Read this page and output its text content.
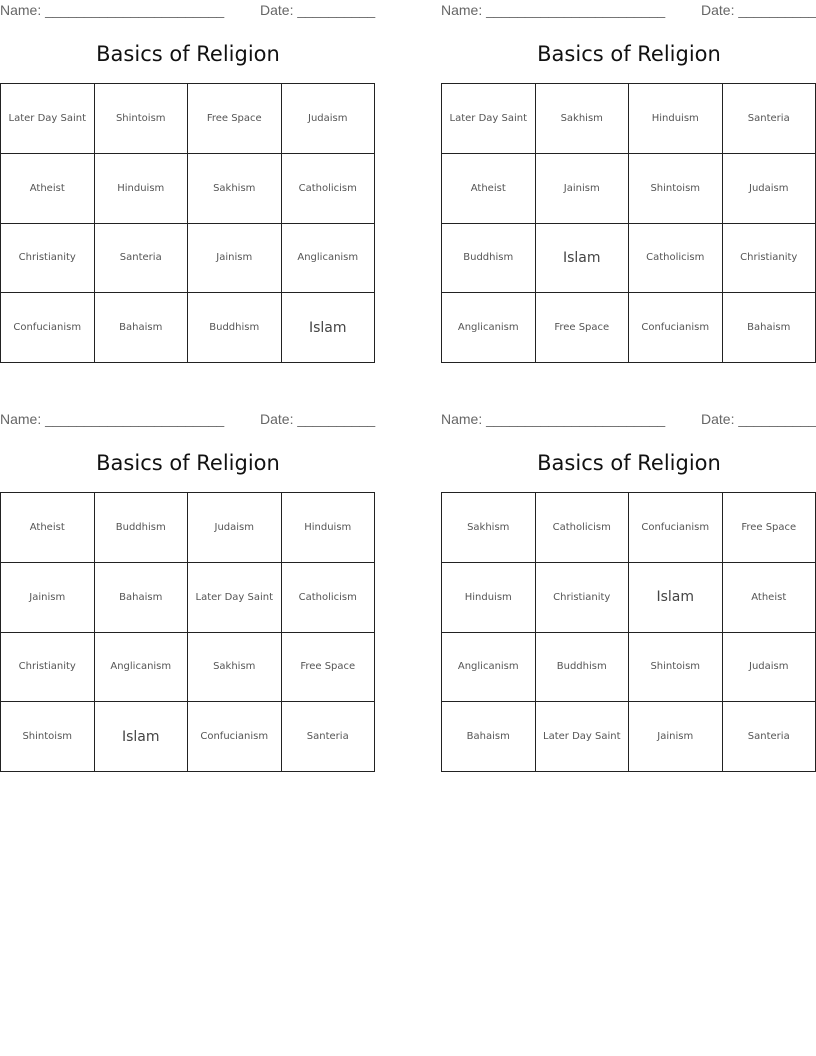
Name: _______________________	Date: __________
Basics of Religion
Later Day Saint	Shintoism	Free Space	Judaism
Atheist	Hinduism	Sakhism	Catholicism
Christianity	Santeria	Jainism	Anglicanism
Confucianism	Bahaism	Buddhism	Islam
Name: _______________________	Date: __________
Basics of Religion
Later Day Saint	Sakhism	Hinduism	Santeria
Atheist	Jainism	Shintoism	Judaism
Buddhism	Islam	Catholicism	Christianity
Anglicanism	Free Space	Confucianism	Bahaism
Name: _______________________	Date: __________
Basics of Religion
Atheist	Buddhism	Judaism	Hinduism
Jainism	Bahaism	Later Day Saint	Catholicism
Christianity	Anglicanism	Sakhism	Free Space
Shintoism	Islam	Confucianism	Santeria
Name: _______________________	Date: __________
Basics of Religion
Sakhism	Catholicism	Confucianism	Free Space
Hinduism	Christianity	Islam	Atheist
Anglicanism	Buddhism	Shintoism	Judaism
Bahaism	Later Day Saint	Jainism	Santeria
